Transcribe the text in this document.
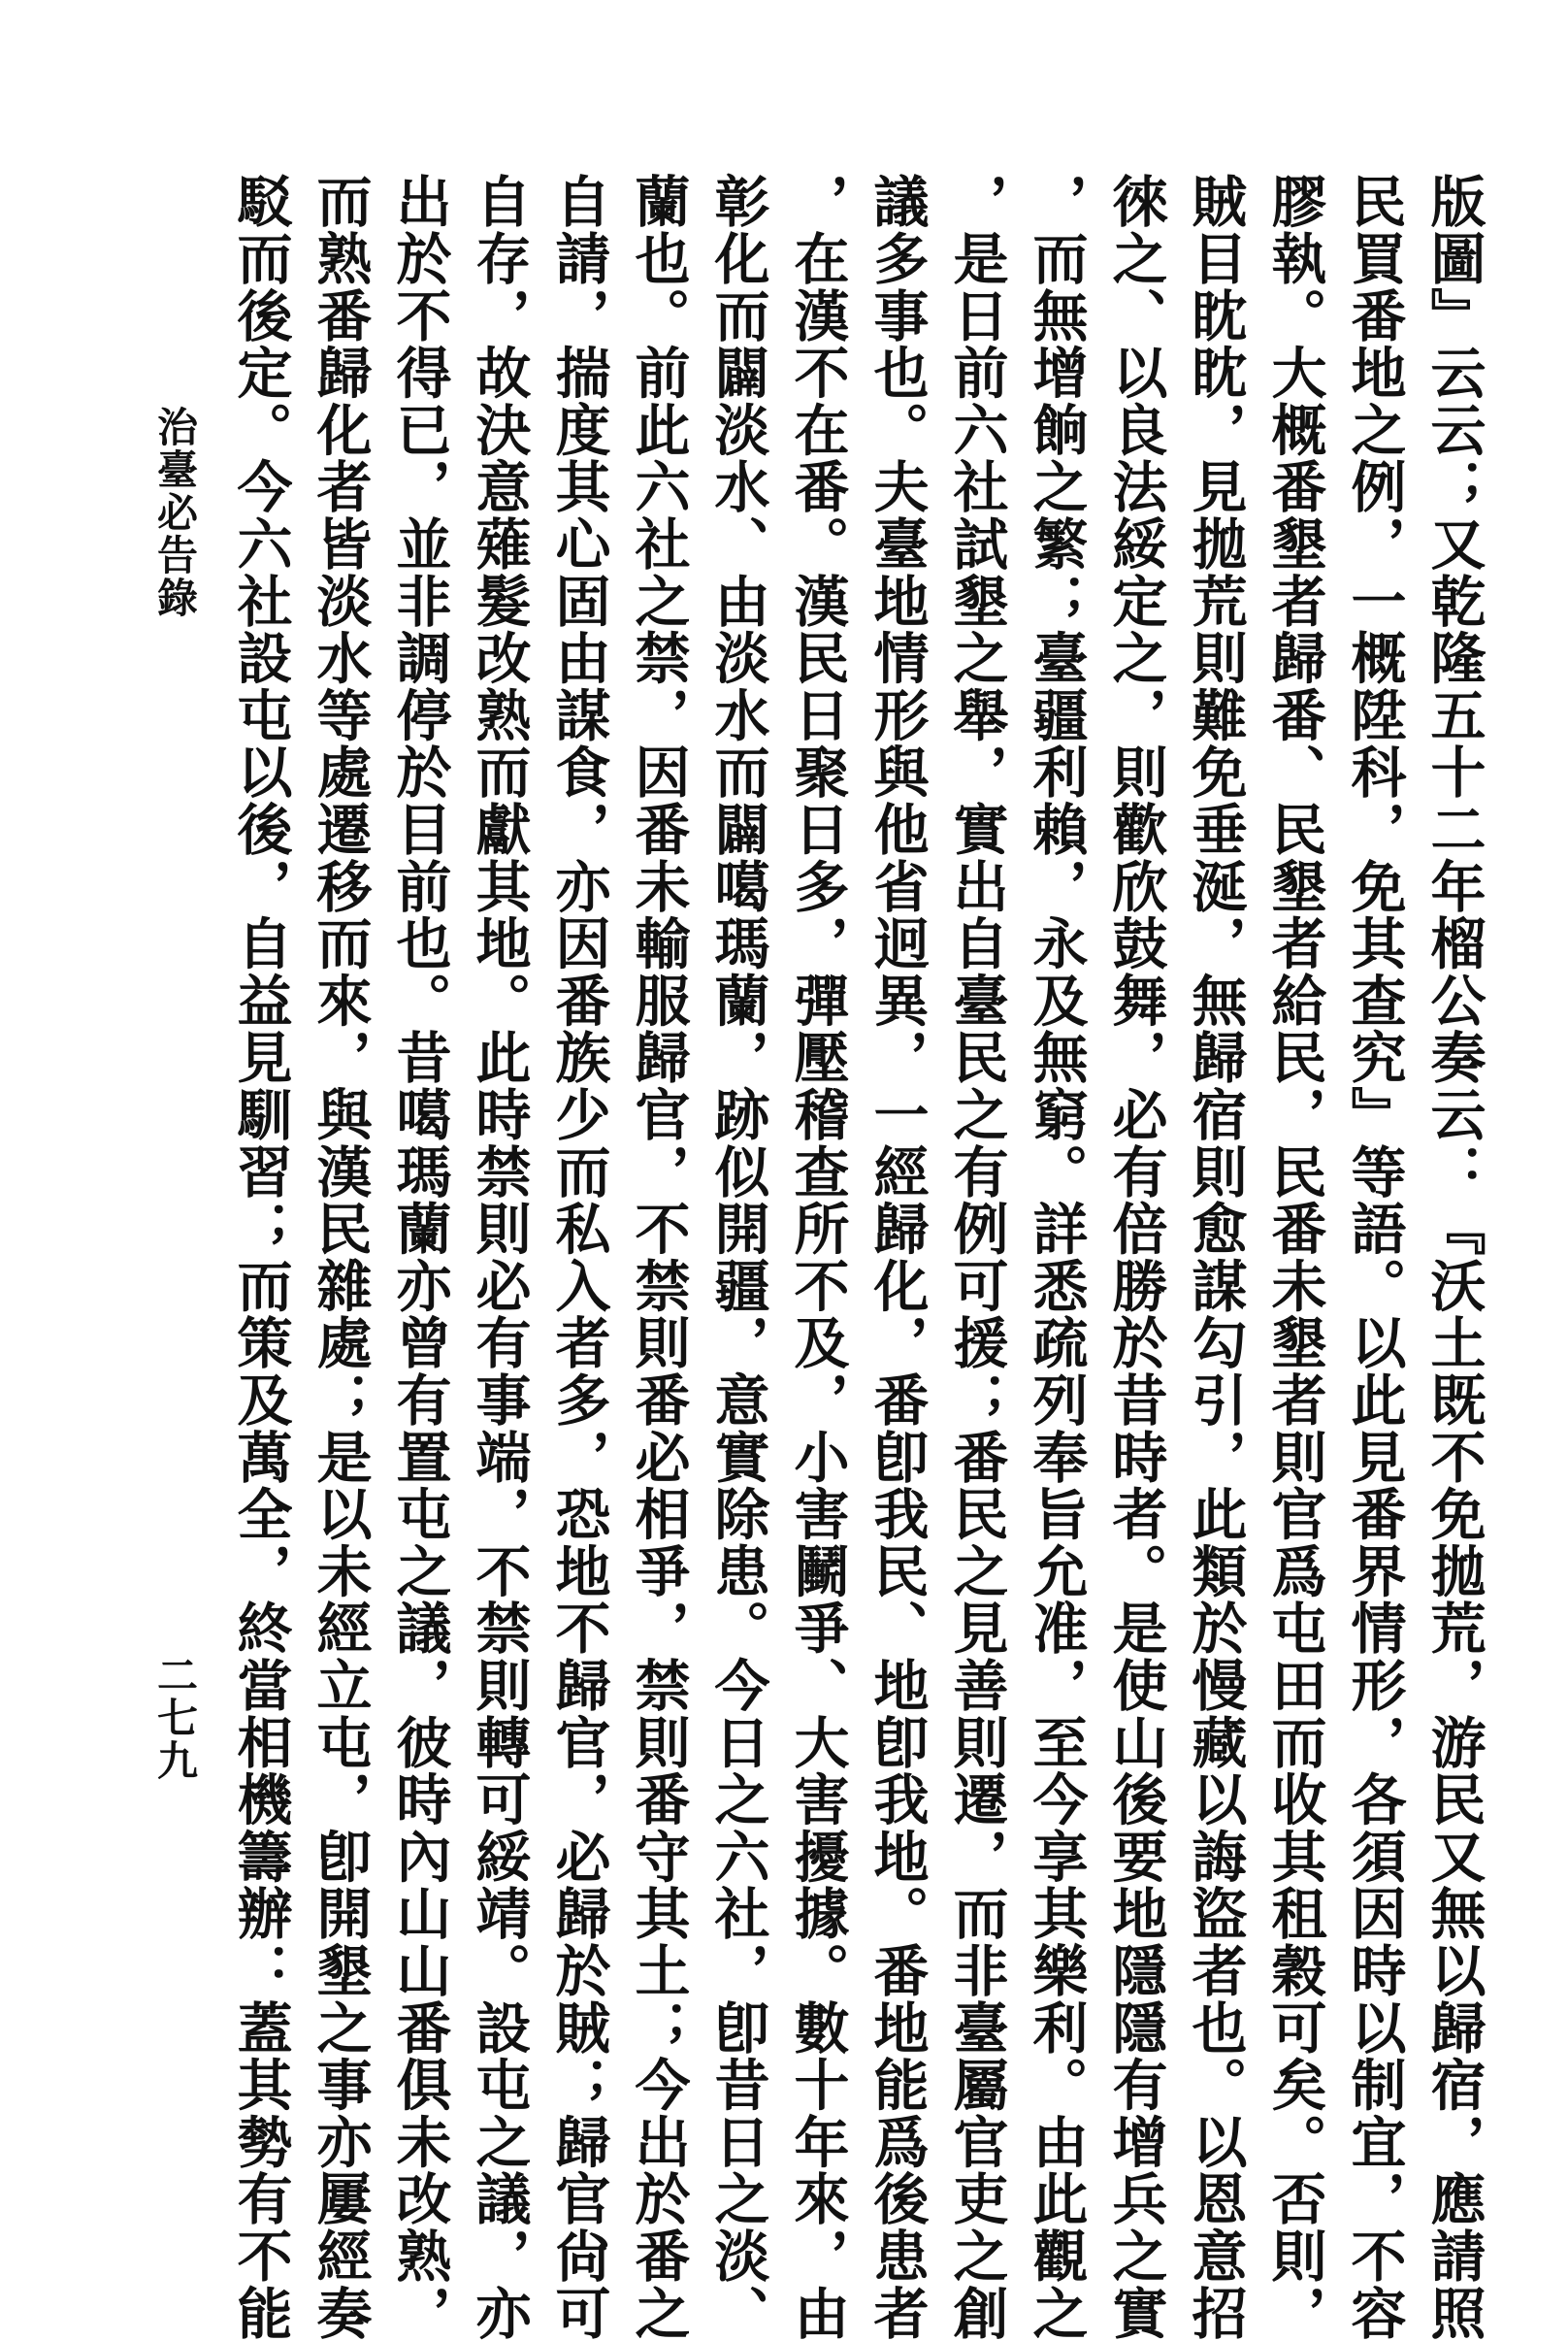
版圖』云云；又乾隆五十二年榴公奏云：『沃土既不免拋荒，游民又無以歸宿，應請照
民買番地之例，一概陞科，免其查究』等語。以此見番界情形，各須因時以制宜，不容
膠執。大概番墾者歸番、民墾者給民，民番未墾者則官爲屯田而收其租穀可矣。否則，
賊目眈眈，見拋荒則難免垂涎，無歸宿則愈謀勾引，此類於慢藏以誨盜者也。以恩意招
徠之、以良法綏定之，則歡欣鼓舞，必有倍勝於昔時者。是使山後要地隱隱有增兵之實
，而無增餉之繁；臺疆利賴，永及無窮。詳悉疏列奉旨允准，至今享其樂利。由此觀之
，是日前六社試墾之舉，實出自臺民之有例可援；番民之見善則遷，而非臺屬官吏之創
議多事也。夫臺地情形與他省迥異，一經歸化，番卽我民、地卽我地。番地能爲後患者
，在漢不在番。漢民日聚日多，彈壓稽查所不及，小害鬭爭、大害擾據。數十年來，由
彰化而闢淡水、由淡水而闢噶瑪蘭，跡似開疆，意實除患。今日之六社，卽昔日之淡、
蘭也。前此六社之禁，因番未輸服歸官，不禁則番必相爭，禁則番守其土；今出於番之
自請，揣度其心固由謀食，亦因番族少而私入者多，恐地不歸官，必歸於賊；歸官尙可
自存，故決意薙髮改熟而獻其地。此時禁則必有事端，不禁則轉可綏靖。設屯之議，亦
出於不得已，並非調停於目前也。昔噶瑪蘭亦曾有置屯之議，彼時內山山番俱未改熟，
而熟番歸化者皆淡水等處遷移而來，與漢民雜處；是以未經立屯，卽開墾之事亦屢經奏
駁而後定。今六社設屯以後，自益見馴習；而策及萬全，終當相機籌辦：蓋其勢有不能
治臺必告錄
二七九
